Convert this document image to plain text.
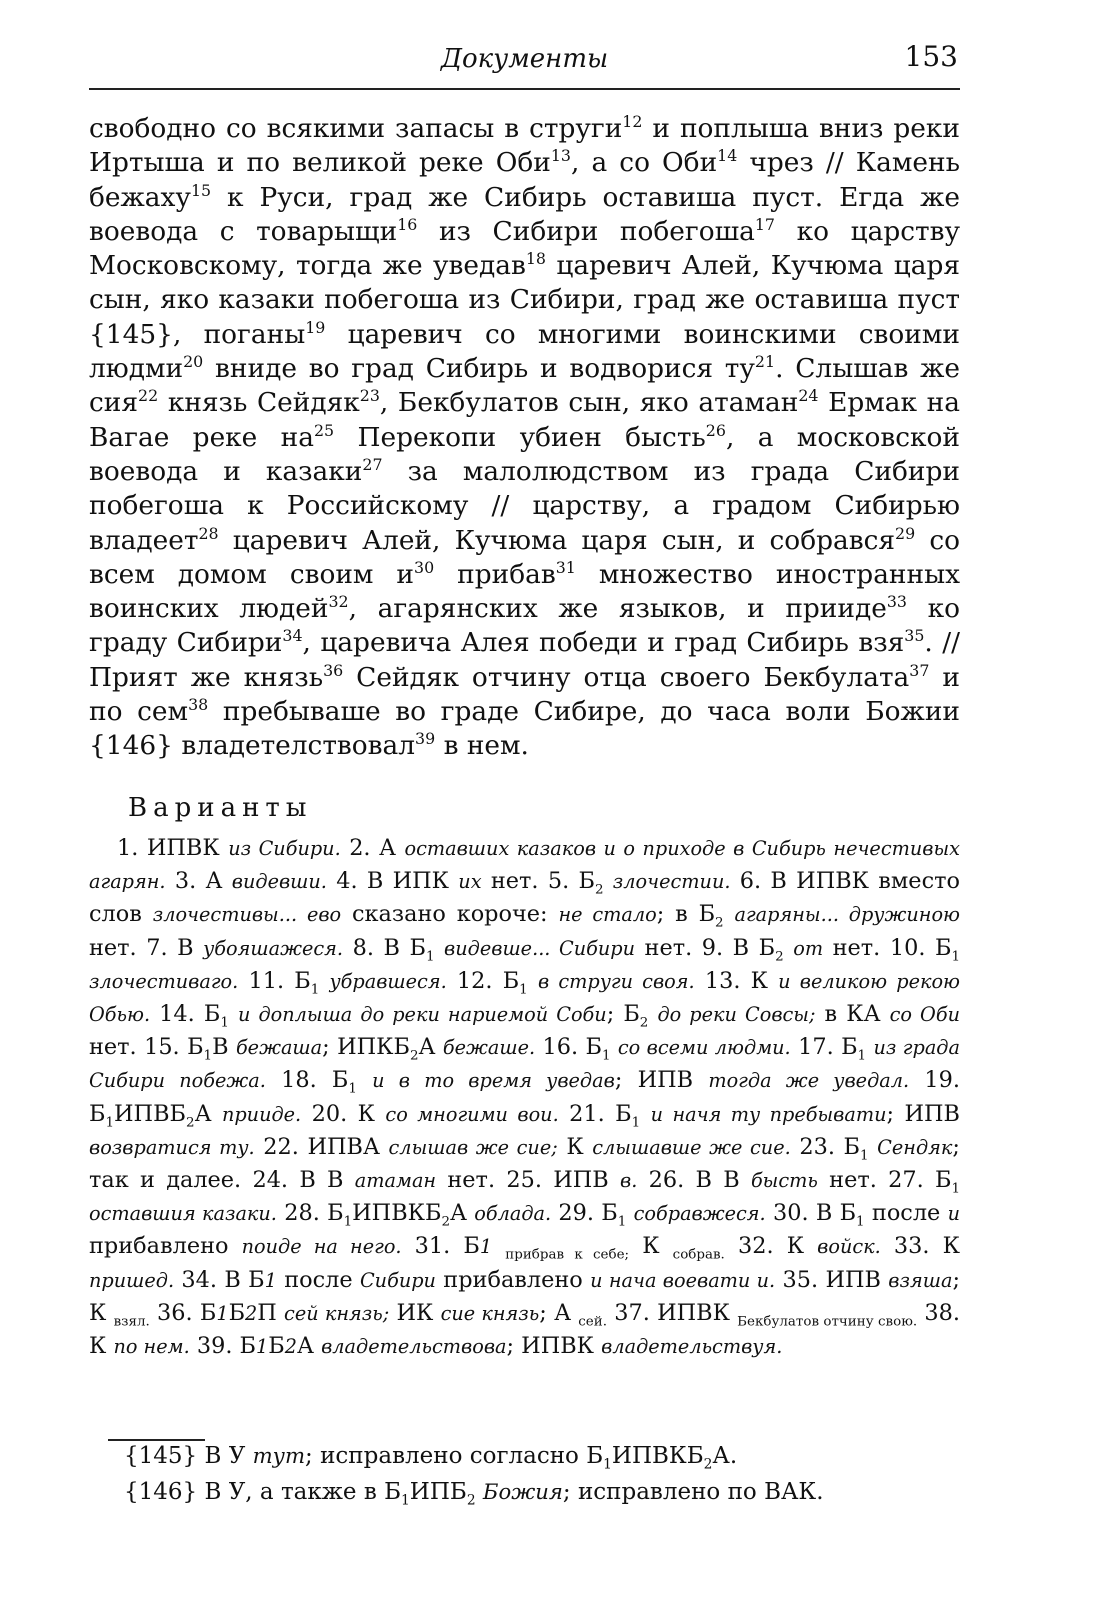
Документы	153

свободно со всякими запасы в струги$^{12}$ и поплыша вниз реки Иртыша и по великой реке Оби$^{13}$, а со Оби$^{14}$ чрез // Камень бежаху$^{15}$ к Руси, град же Сибирь оставиша пуст. Егда же воевода с товарыщи$^{16}$ из Сибири побегоша$^{17}$ ко царству Московскому, тогда же уведав$^{18}$ царевич Алей, Кучюма царя сын, яко казаки побегоша из Сибири, град же оставиша пуст {145}, поганы$^{19}$ царевич со многими воинскими своими людми$^{20}$ вниде во град Сибирь и водворися $ту^{21}$. Слышав же сия$^{22}$ князь Сейдяк$^{23}$, Бекбулатов сын, яко атаман$^{24}$ Ермак на Вагае реке $на^{25}$ Перекопи убиен бысть$^{26}$, а московской воевода и казаки$^{27}$ за малолюдством из града Сибири побегоша к Российскому // царству, а градом Сибирью владеет$^{28}$ царевич Алей, Кучюма царя сын, и собрався$^{29}$ со всем домом своим $и^{30}$ прибав$^{31}$ множество иностранных воинских людей$^{32}$, агарянских же языков, и прииде$^{33}$ ко граду Сибири$^{34}$, царевича Алея победи и град Сибирь взя$^{35}$. // Прият же князь$^{36}$ Сейдяк отчину отца своего Бекбулата$^{37}$ и по сем$^{38}$ пребываше во граде Сибире, до часа воли Божии {146} владетелствовал$^{39}$ в нем.

Варианты

1. ИПВК из Сибири. 2. А оставших казаков и о приходе в Сибирь нечестивых агарян. 3. А видевши. 4. В ИПК их нет. 5. $Б_2$ злочестии. 6. В ИПВК вместо слов злочестивы... ево сказано короче: не стало; в $Б_2$ агаряны... дружиною нет. 7. В убояшажеся. 8. В $Б_1$ видевше... Сибири нет. 9. В $Б_2$ от нет. 10. $Б_1$ злочестиваго. 11. $Б_1$ убравшеся. 12. $Б_1$ в струги своя. 13. К и великою рекою Обью. 14. $Б_1$ и доплыша до реки нариемой Соби; $Б_2$ до реки Совсы; в КА со Оби нет. 15. $Б_1В$ бежаша; $ИПКБ_2А$ бежаше. 16. $Б_1$ со всеми людми. 17. $Б_1$ из града Сибири побежа. 18. $Б_1$ и в то время уведав; ИПВ тогда же уведал. 19. $Б_1ИПВБ_2А$ прииде. 20. К со многими вои. 21. $Б_1$ и начя ту пребывати; ИПВ возвратися ту. 22. ИПВА слышав же сие; К слышавше же сие. 23. $Б_1$ Сендяк; так и далее. 24. В В атаман нет. 25. ИПВ в. 26. В В бысть нет. 27. $Б_1$ оставшия казаки. 28. $Б_1ИПВКБ_2А$ облада. 29. $Б_1$ собравжеся. 30. В $Б_1$ после и прибавлено поиде на него. 31. Б1 $_{прибрав к себе;}$ К $_{собрав.}$ 32. К войск. 33. К пришед. 34. В Б1 после Сибири прибавлено и нача воевати и. 35. ИПВ взяша; К $_{взял.}$ 36. Б1Б2П сей князь; ИК сие князь; А $_{сей.}$ 37. ИПВК $_{Бекбулатов отчину свою.}$ 38. К по нем. 39. Б1Б2А владетельствова; ИПВК владетельствуя.

{145} В У тут; исправлено согласно $Б_1ИПВКБ_2А$.
{146} В У, а также в $Б_1ИПБ_2$ Божия; исправлено по ВАК.
